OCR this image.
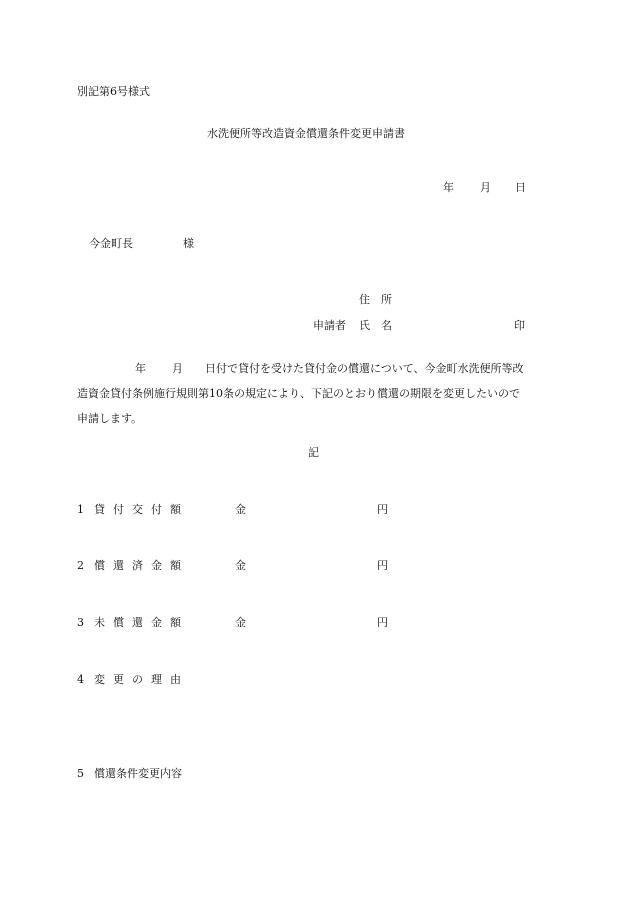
別記第6号様式
水洗便所等改造資金償還条件変更申請書
年 月 日
今金町長	様
住　所
申請者 氏　名	印
年 月 日付で貸付を受けた貸付金の償還について、今金町水洗便所等改
造資金貸付条例施行規則第10条の規定により、下記のとおり償還の期限を変更したいので
申請します。
記
1 貸付交付額	金	円
2 償還済金額	金	円
3 未償還金額	金	円
4 変更の理由
5 償還条件変更内容
